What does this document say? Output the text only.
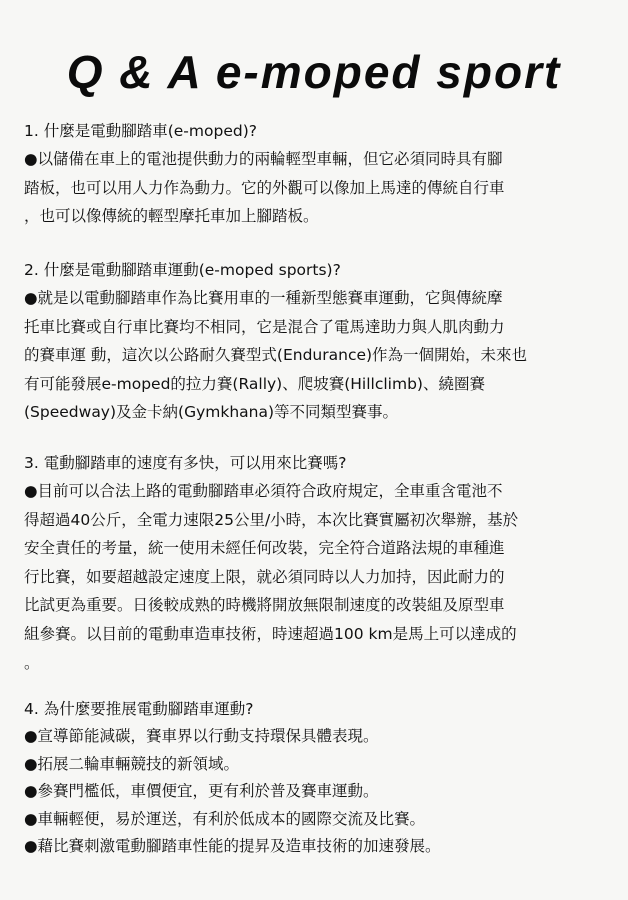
Q & A e-moped sport
1. 什麼是電動腳踏車(e-moped)?
●以儲備在車上的電池提供動力的兩輪輕型車輛，但它必須同時具有腳
踏板，也可以用人力作為動力。它的外觀可以像加上馬達的傳統自行車
，也可以像傳統的輕型摩托車加上腳踏板。
2. 什麼是電動腳踏車運動(e-moped sports)?
●就是以電動腳踏車作為比賽用車的一種新型態賽車運動，它與傳統摩
托車比賽或自行車比賽均不相同，它是混合了電馬達助力與人肌肉動力
的賽車運 動，這次以公路耐久賽型式(Endurance)作為一個開始，未來也
有可能發展e-moped的拉力賽(Rally)、爬坡賽(Hillclimb)、繞圈賽
(Speedway)及金卡納(Gymkhana)等不同類型賽事。
3. 電動腳踏車的速度有多快，可以用來比賽嗎?
●目前可以合法上路的電動腳踏車必須符合政府規定，全車重含電池不
得超過40公斤，全電力速限25公里/小時，本次比賽實屬初次舉辦，基於
安全責任的考量，統一使用未經任何改裝，完全符合道路法規的車種進
行比賽，如要超越設定速度上限，就必須同時以人力加持，因此耐力的
比試更為重要。日後較成熟的時機將開放無限制速度的改裝組及原型車
組參賽。以目前的電動車造車技術，時速超過100 km是馬上可以達成的
。
4. 為什麼要推展電動腳踏車運動?
●宣導節能減碳，賽車界以行動支持環保具體表現。
●拓展二輪車輛競技的新領域。
●參賽門檻低，車價便宜，更有利於普及賽車運動。
●車輛輕便，易於運送，有利於低成本的國際交流及比賽。
●藉比賽刺激電動腳踏車性能的提昇及造車技術的加速發展。
